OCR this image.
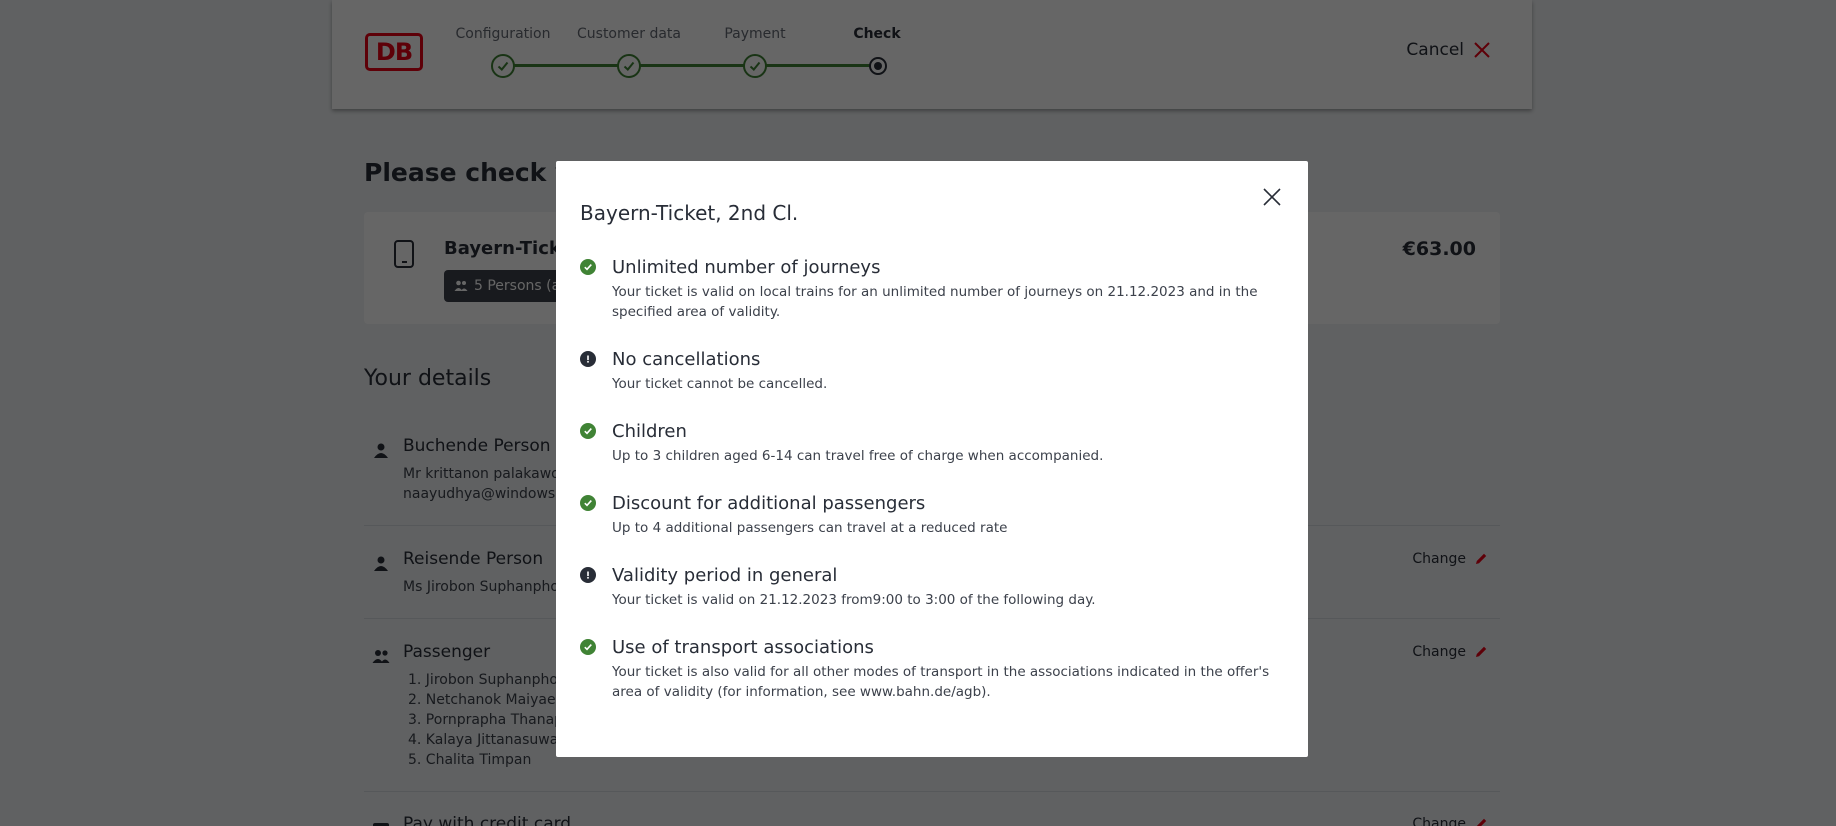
Bayern-Ticket, 2nd Cl.
Unlimited number of journeys
Your ticket is valid on local trains for an unlimited number of journeys on 21.12.2023 and in the specified area of validity.
No cancellations
Your ticket cannot be cancelled.
Children
Up to 3 children aged 6-14 can travel free of charge when accompanied.
Discount for additional passengers
Up to 4 additional passengers can travel at a reduced rate
Validity period in general
Your ticket is valid on 21.12.2023 from9:00 to 3:00 of the following day.
Use of transport associations
Your ticket is also valid for all other modes of transport in the associations indicated in the offer's area of validity (for information, see www.bahn.de/agb).
